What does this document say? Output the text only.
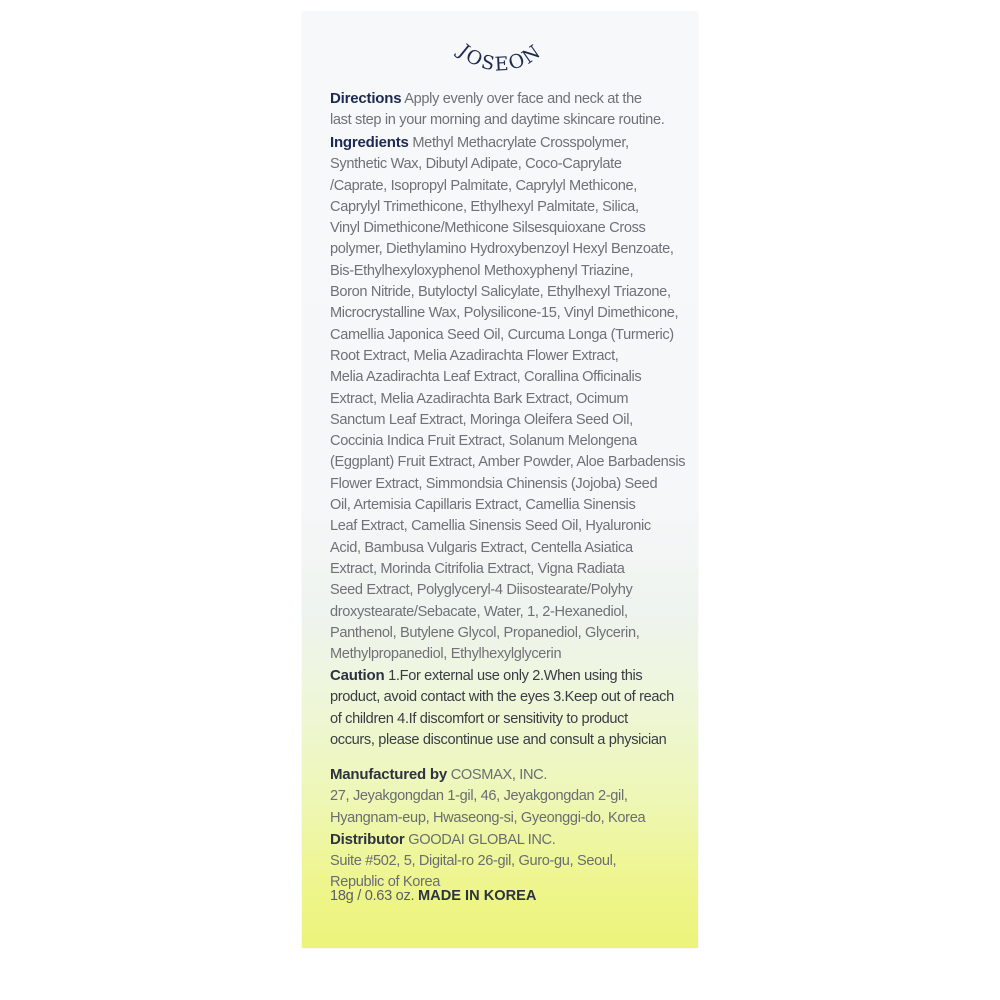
JOSEON
Directions Apply evenly over face and neck at the
last step in your morning and daytime skincare routine.
Ingredients Methyl Methacrylate Crosspolymer,
Synthetic Wax, Dibutyl Adipate, Coco-Caprylate
/Caprate, Isopropyl Palmitate, Caprylyl Methicone,
Caprylyl Trimethicone, Ethylhexyl Palmitate, Silica,
Vinyl Dimethicone/Methicone Silsesquioxane Cross
polymer, Diethylamino Hydroxybenzoyl Hexyl Benzoate,
Bis-Ethylhexyloxyphenol Methoxyphenyl Triazine,
Boron Nitride, Butyloctyl Salicylate, Ethylhexyl Triazone,
Microcrystalline Wax, Polysilicone-15, Vinyl Dimethicone,
Camellia Japonica Seed Oil, Curcuma Longa (Turmeric)
Root Extract, Melia Azadirachta Flower Extract,
Melia Azadirachta Leaf Extract, Corallina Officinalis
Extract, Melia Azadirachta Bark Extract, Ocimum
Sanctum Leaf Extract, Moringa Oleifera Seed Oil,
Coccinia Indica Fruit Extract, Solanum Melongena
(Eggplant) Fruit Extract, Amber Powder, Aloe Barbadensis
Flower Extract, Simmondsia Chinensis (Jojoba) Seed
Oil, Artemisia Capillaris Extract, Camellia Sinensis
Leaf Extract, Camellia Sinensis Seed Oil, Hyaluronic
Acid, Bambusa Vulgaris Extract, Centella Asiatica
Extract, Morinda Citrifolia Extract, Vigna Radiata
Seed Extract, Polyglyceryl-4 Diisostearate/Polyhy
droxystearate/Sebacate, Water, 1, 2-Hexanediol,
Panthenol, Butylene Glycol, Propanediol, Glycerin,
Methylpropanediol, Ethylhexylglycerin
Caution 1.For external use only 2.When using this
product, avoid contact with the eyes 3.Keep out of reach
of children 4.If discomfort or sensitivity to product
occurs, please discontinue use and consult a physician
Manufactured by COSMAX, INC.
27, Jeyakgongdan 1-gil, 46, Jeyakgongdan 2-gil,
Hyangnam-eup, Hwaseong-si, Gyeonggi-do, Korea
Distributor GOODAI GLOBAL INC.
Suite #502, 5, Digital-ro 26-gil, Guro-gu, Seoul,
Republic of Korea
18g / 0.63 oz. MADE IN KOREA
